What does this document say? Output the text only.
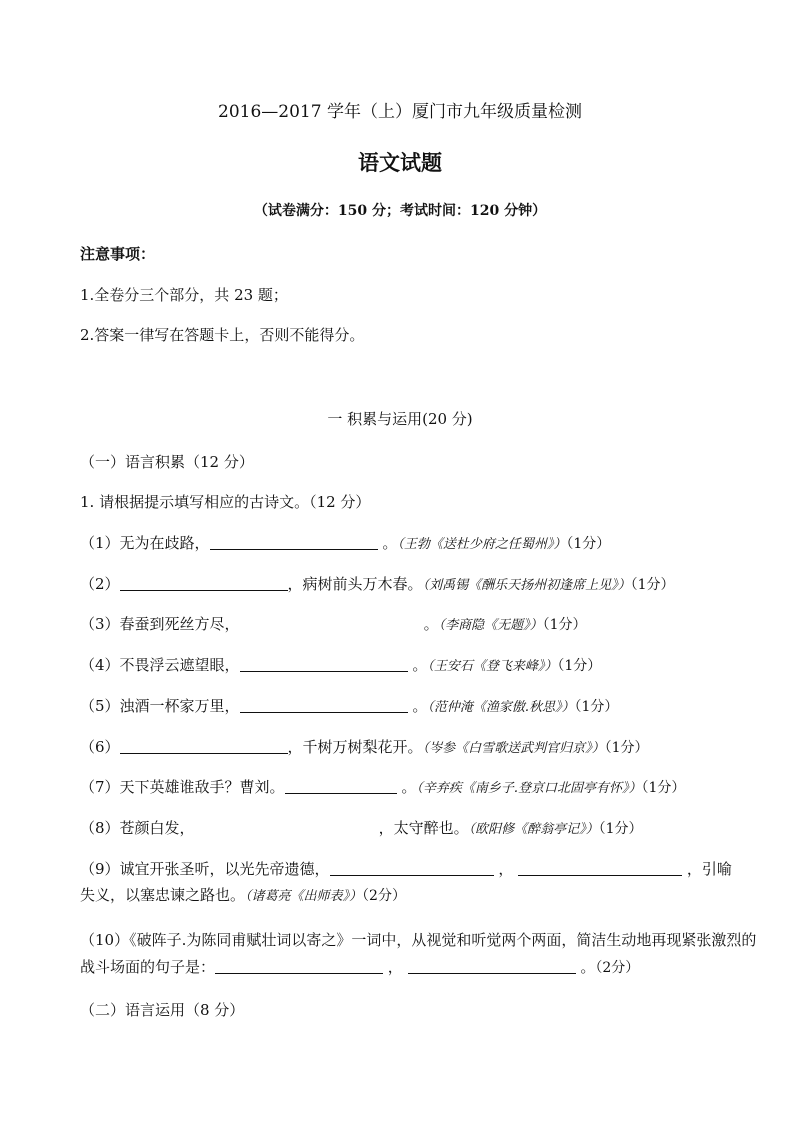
2016—2017 学年（上）厦门市九年级质量检测
语文试题
（试卷满分：150 分；考试时间：120 分钟）
注意事项：
1.全卷分三个部分，共 23 题；
2.答案一律写在答题卡上，否则不能得分。
一 积累与运用(20 分)
（一）语言积累（12 分）
1. 请根据提示填写相应的古诗文。（12 分）
（1）无为在歧路，	。（王勃《送杜少府之任蜀州》）（1分）
（2）	，病树前头万木春。（刘禹锡《酬乐天扬州初逢席上见》）（1分）
（3）春蚕到死丝方尽，	。（李商隐《无题》）（1分）
（4）不畏浮云遮望眼，	。（王安石《登飞来峰》）（1分）
（5）浊酒一杯家万里，	。（范仲淹《渔家傲.秋思》）（1分）
（6）	，千树万树梨花开。（岑参《白雪歌送武判官归京》）（1分）
（7）天下英雄谁敌手？曹刘。	。（辛弃疾《南乡子.登京口北固亭有怀》）（1分）
（8）苍颜白发，	，太守醉也。（欧阳修《醉翁亭记》）（1分）
（9）诚宜开张圣听，以光先帝遗德，	，	，引喻
失义，以塞忠谏之路也。（诸葛亮《出师表》）（2分）
（10）《破阵子.为陈同甫赋壮词以寄之》一词中，从视觉和听觉两个两面，简洁生动地再现紧张激烈的
战斗场面的句子是：	，	。（2分）
（二）语言运用（8 分）
